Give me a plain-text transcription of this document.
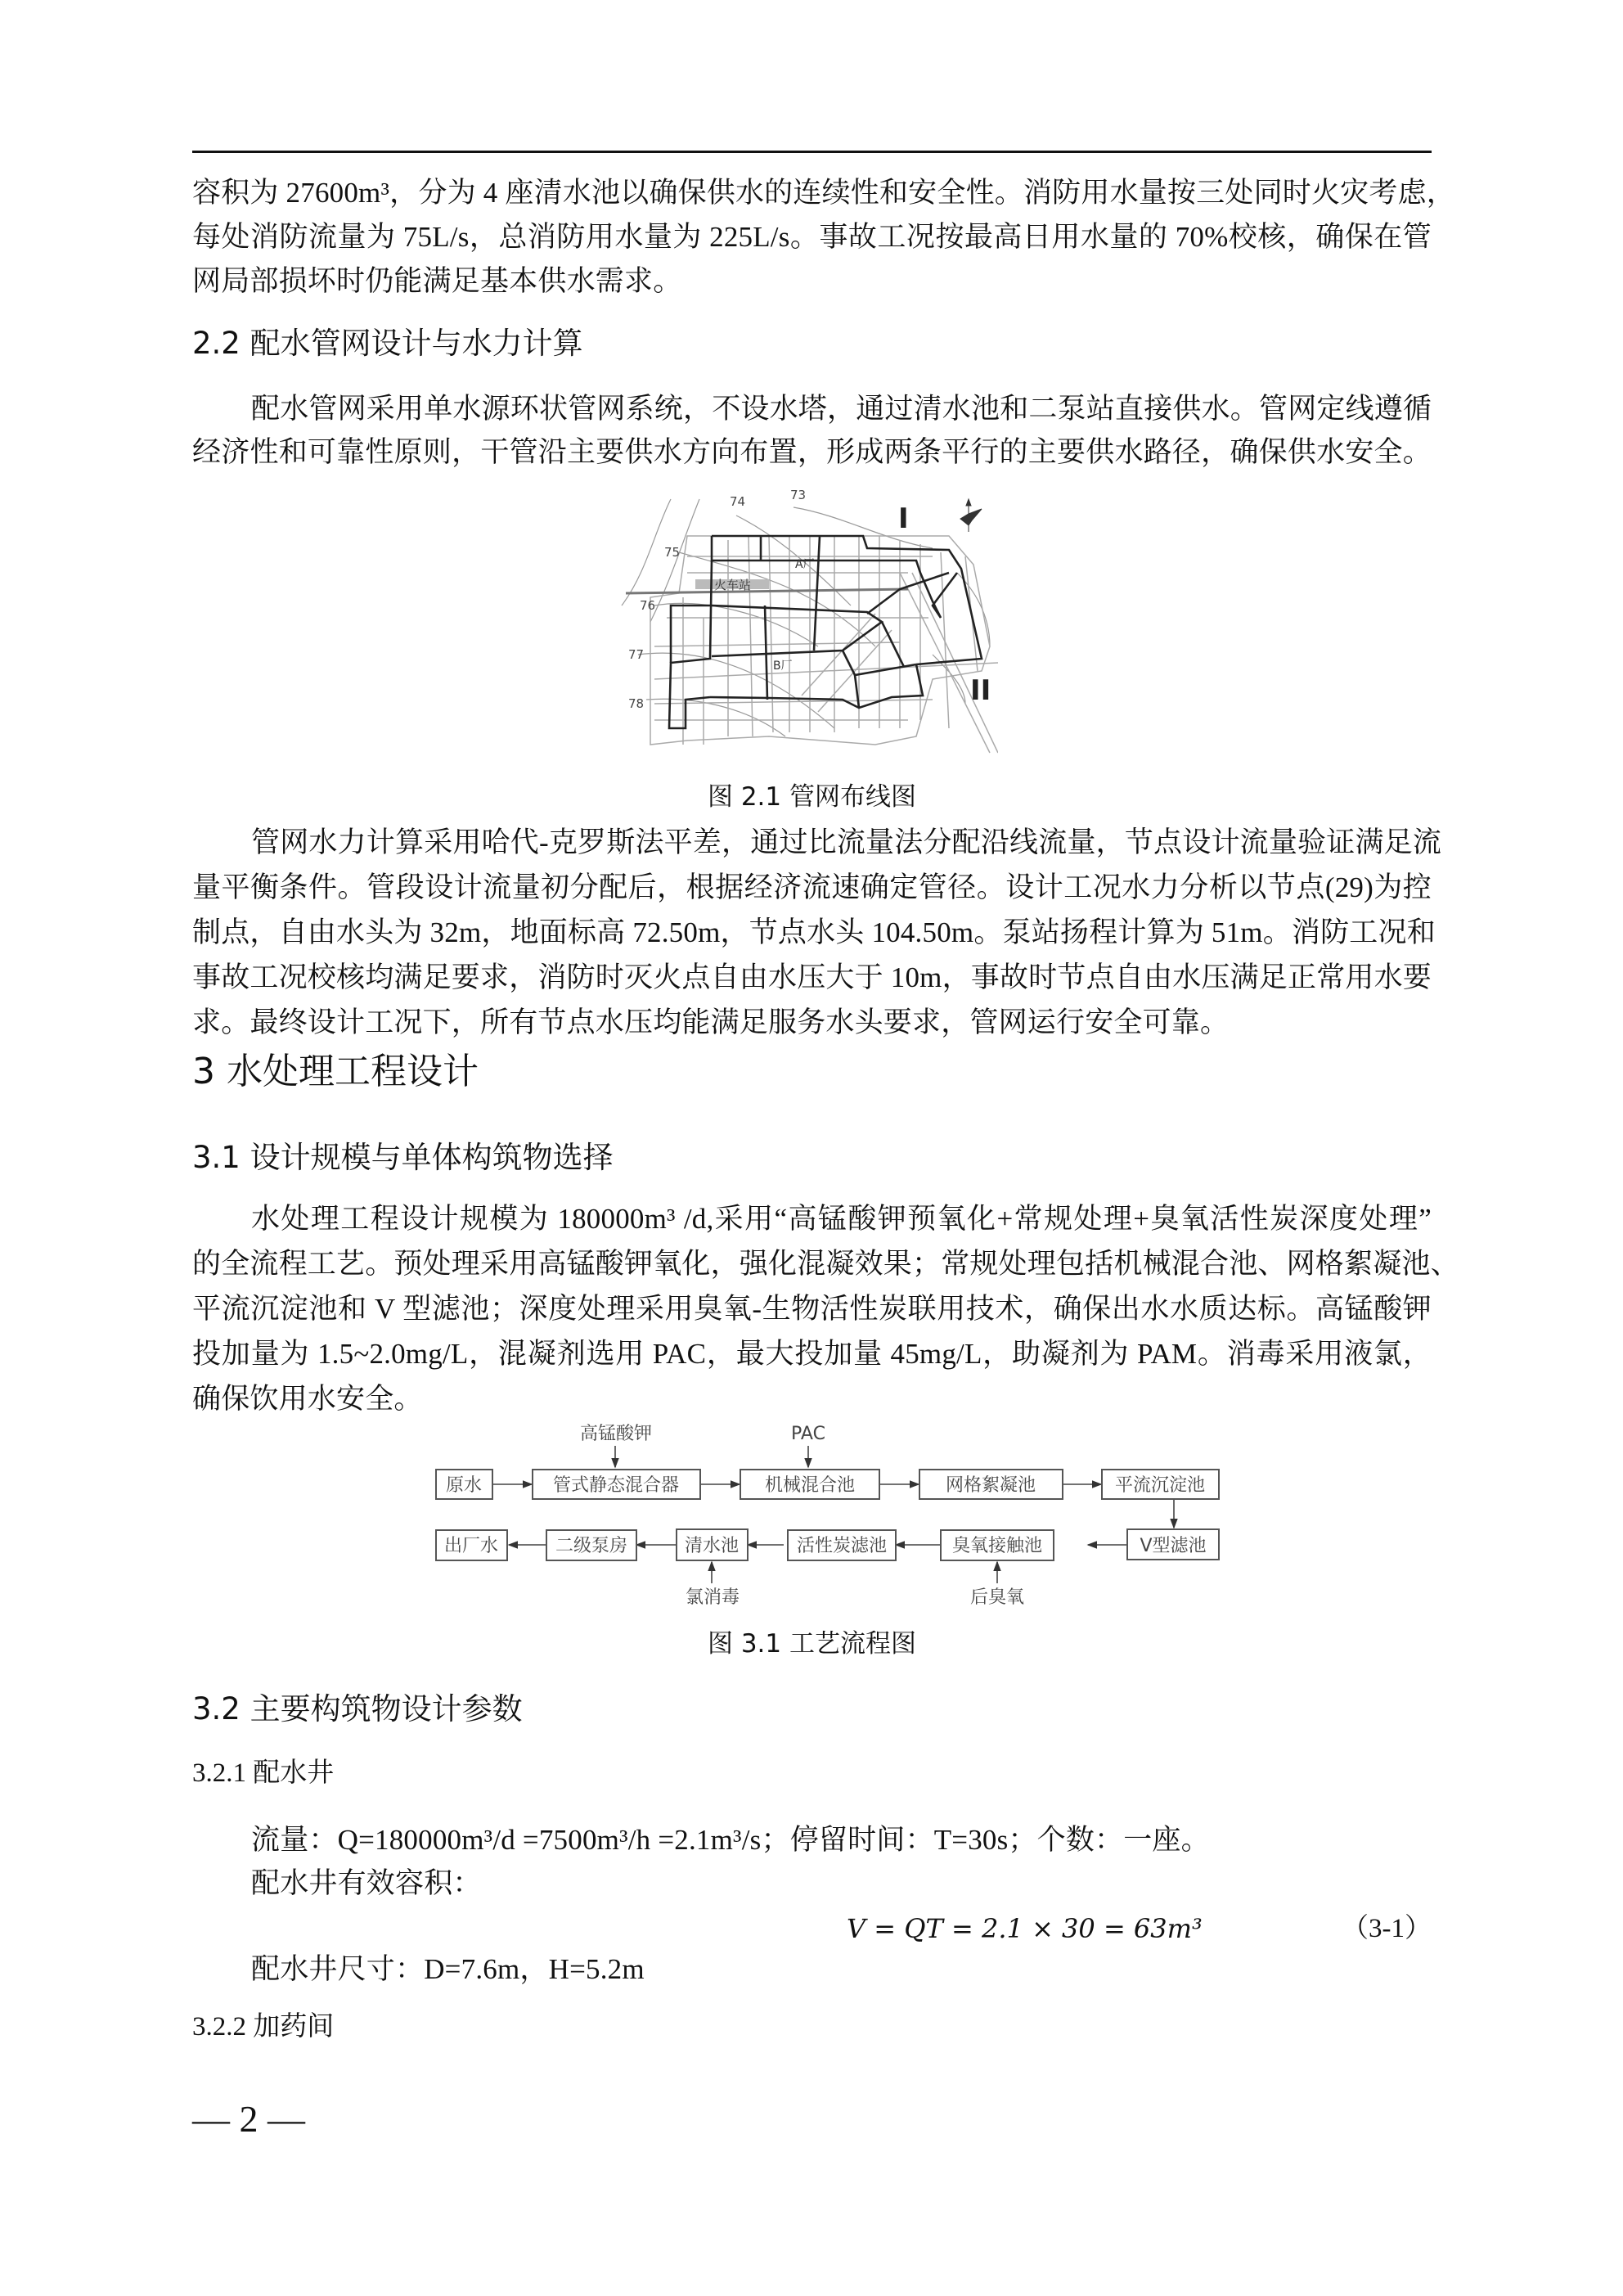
容积为 27600m³，分为 4 座清水池以确保供水的连续性和安全性。消防用水量按三处同时火灾考虑，
每处消防流量为 75L/s，总消防用水量为 225L/s。事故工况按最高日用水量的 70%校核，确保在管
网局部损坏时仍能满足基本供水需求。
2.2 配水管网设计与水力计算
配水管网采用单水源环状管网系统，不设水塔，通过清水池和二泵站直接供水。管网定线遵循
经济性和可靠性原则，干管沿主要供水方向布置，形成两条平行的主要供水路径，确保供水安全。
73
74
75
76
77
78
火车站
A厂
B厂
I
II
图 2.1 管网布线图
管网水力计算采用哈代-克罗斯法平差，通过比流量法分配沿线流量，节点设计流量验证满足流
量平衡条件。管段设计流量初分配后，根据经济流速确定管径。设计工况水力分析以节点(29)为控
制点，自由水头为 32m，地面标高 72.50m，节点水头 104.50m。泵站扬程计算为 51m。消防工况和
事故工况校核均满足要求，消防时灭火点自由水压大于 10m，事故时节点自由水压满足正常用水要
求。最终设计工况下，所有节点水压均能满足服务水头要求，管网运行安全可靠。
3 水处理工程设计
3.1 设计规模与单体构筑物选择
水处理工程设计规模为 180000m³ /d,采用“高锰酸钾预氧化+常规处理+臭氧活性炭深度处理”
的全流程工艺。预处理采用高锰酸钾氧化，强化混凝效果；常规处理包括机械混合池、网格絮凝池、
平流沉淀池和 V 型滤池；深度处理采用臭氧-生物活性炭联用技术，确保出水水质达标。高锰酸钾
投加量为 1.5~2.0mg/L，混凝剂选用 PAC，最大投加量 45mg/L，助凝剂为 PAM。消毒采用液氯，
确保饮用水安全。
原水	管式静态混合器	机械混合池	网格絮凝池	平流沉淀池
出厂水	二级泵房	清水池	活性炭滤池	臭氧接触池	V型滤池
高锰酸钾	PAC
氯消毒	后臭氧
图 3.1 工艺流程图
3.2 主要构筑物设计参数
3.2.1 配水井
流量：Q=180000m³/d =7500m³/h =2.1m³/s；停留时间：T=30s；个数：一座。
配水井有效容积：
V = QT = 2.1 × 30 = 63m³	（3-1）
配水井尺寸：D=7.6m，H=5.2m
3.2.2 加药间
— 2 —
